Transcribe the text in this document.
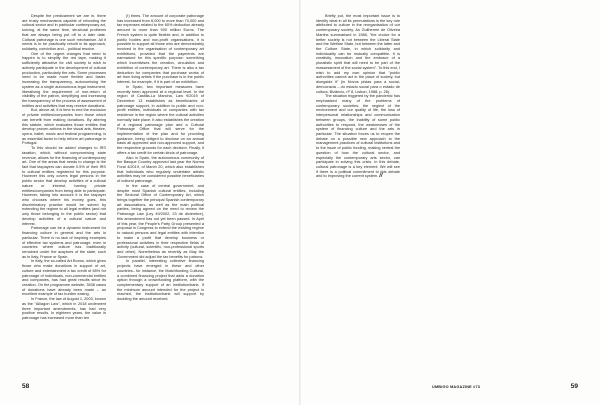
Despite the predicament we are in, there are trusty mechanisms capable of rebooting the cultural sector and in particular contemporary art, solving, at the same time, structural problems that are always being put off to a later date. Cultural patronage is one such mechanism. All it needs is to be practically rebuilt in its approach, solidarity, conviction and... political resolve.

One of the urgent changes that need to happen is to simplify the red tape, making it sufficiently attractive for civil society to wish to actively participate in the development of cultural production, particularly the arts. Some processes need to be made more flexible and faster, increasing the transparency, autonomising the system as a single autonomous legal instrument, liberalising the requirement of non-return of visibility of the patron, simplifying and increasing the transparency of the process of assessment of entities and activities that may receive donations.

But, above all, it is time to end the exclusion of private entities/companies from those which can benefit from making donations. By altering this statute, which evaluates those entities that develop proven actions in the visual arts, theatre, opera, ballet, music and festival programming, is an essential factor to help reform art patronage in Portugal.

To this should be added changes to IRS taxation, which, without compromising state revenue, allows for the financing of contemporary art. One of the areas that needs to change is the fact that taxpayers can donate 0.5% of their IRS to cultural entities registered for this purpose. However this only covers legal persons in the public sector that develop activities of a cultural nature or interest, barring private entities/companies from being able to participate. However, taking into account it is the taxpayer who chooses where his money goes, this discriminatory practice would be solved by extending the regime to all legal entities (and not only those belonging to the public sector) that develop activities of a cultural nature and interest.

Patronage can be a dynamic instrument for financing culture in general and the arts in particular. There is no lack of inspiring examples of effective tax systems and patronage, even in countries where culture has traditionally remained under the auspices of the state, such as in Italy, France or Spain.

In Italy, the so-called Art Bonus, which gives those who make donations in support of art, culture and entertainment a tax credit of 65% for patronage of individuals, non-commercial entities and companies, has had great results since its creation. On the programme website, 3538 cases of donations have already been made – an excellent example of tax burden easing.

In France, the law of August 1, 2003, known as the "Aillagon Law", which in 2018 underwent three important amendments, has had very positive results. In eighteen years, the value in patronage has increased more than ten

(!) times. The amount of corporate patronage has increased from 6,000 to more than 70,000 and tax expenses related to the 60% deduction already amount to more than 900 million Euros. The French system is quite flexible and, in addition to public bodies and non-profit organisations, it is possible to support all those who are demonstrably involved in the organisation of contemporary art exhibitions, provided that the payments are earmarked for this specific purpose: something which incentivises the creation, circulation and exhibition of contemporary art. There is also a tax deduction for companies that purchase works of art from living artists if the purchase is in the public interest, for example, if it is part of an exhibition.

In Spain, two important measures have recently been approved at a regional level. In the region of Castilla-La Mancha, Law 9/2019 of December 13 establishes as beneficiaries of patronage support, in addition to public and non-profit entities, individuals or companies with tax residence in the region where the cultural activities normally take place. It also establishes the creation of a regional patronage plan and a Cultural Patronage Office that will serve for the implementation of the plan and for providing guidance, being obliged to disclose on an annual basis all approved and non-approved support, and the respective grounds for each decision. Finally, it offers a tax credit for certain kinds of patronage.

Also in Spain, the autonomous community of the Basque Country approved last year the Norma Foral 4/2019, of March 20, which also establishes that individuals who regularly undertake artistic activities may be considered possible beneficiaries of cultural patronage.

In the case of central government, and despite most Spanish cultural entities, including the Sectoral Office of Contemporary Art, which brings together the principal Spanish contemporary art associations, as well as the main political parties, being agreed on the need to review the Patronage Law (Ley 49/2002, 23 de diciembre), this amendment has not yet been passed. In April of this year, the People's Party Group presented a proposal in Congress to extend the existing regime to natural persons and legal entities with intention to make a profit that develop business or professional activities in their respective fields of activity (cultural, scientific, non-professional sports and other). Nonetheless as recently as May the Government did adjust the tax benefits for patrons.

In parallel, interesting collective financing projects have emerged in these and other countries– for instance, the Matchfunding Cultural, a combined financing project that adds a donation option through a crowdfunding platform, with the complementary support of an institution/bank. If the minimum amount intended for the project is reached, the institution/bank will support by doubling the amount received.

Briefly put, the most important issue is to identify what in all its permutations is the key role attributed to culture in the reorganisation of our contemporary society. As Guilherme de Oliveira Martins summarised in 1988, "the choice for a better society is not between the Liberal State and the Welfare State, but between the latter and the Culture State, in which solidarity and individuality can be mutually compatible. It is creativity, innovation and the embrace of a pluralistic spirit that will need to be part of the reassessment of the social system". To this end, I wish to add my own opinion that "public authorities cannot act in the place of society, but alongside it" (in Novos pistas para a social-democracia – do estado social para o estado de cultura, Bizâncio, nº 8, Lisbon, 1988, p. 26).

The situation triggered by the pandemic has emphasised many of the problems of contemporary societies: the neglect of the environment and our quality of life, the loss of interpersonal relationships and communication between groups, the inability of some public authorities to respond, the weaknesses of the system of financing culture and the arts in particular. The situation forces us to reopen the debate on a possible new approach to the management practices of cultural institutions and to the issue of public funding, making central the question of how the cultural sector, and especially the contemporary arts sector, can participate in solving this crisis. In this debate, cultural patronage is a key element. We will see if there is a political commitment to this debate and to improving the current system. //

58	UMBIGO MAGAZINE #73	59
